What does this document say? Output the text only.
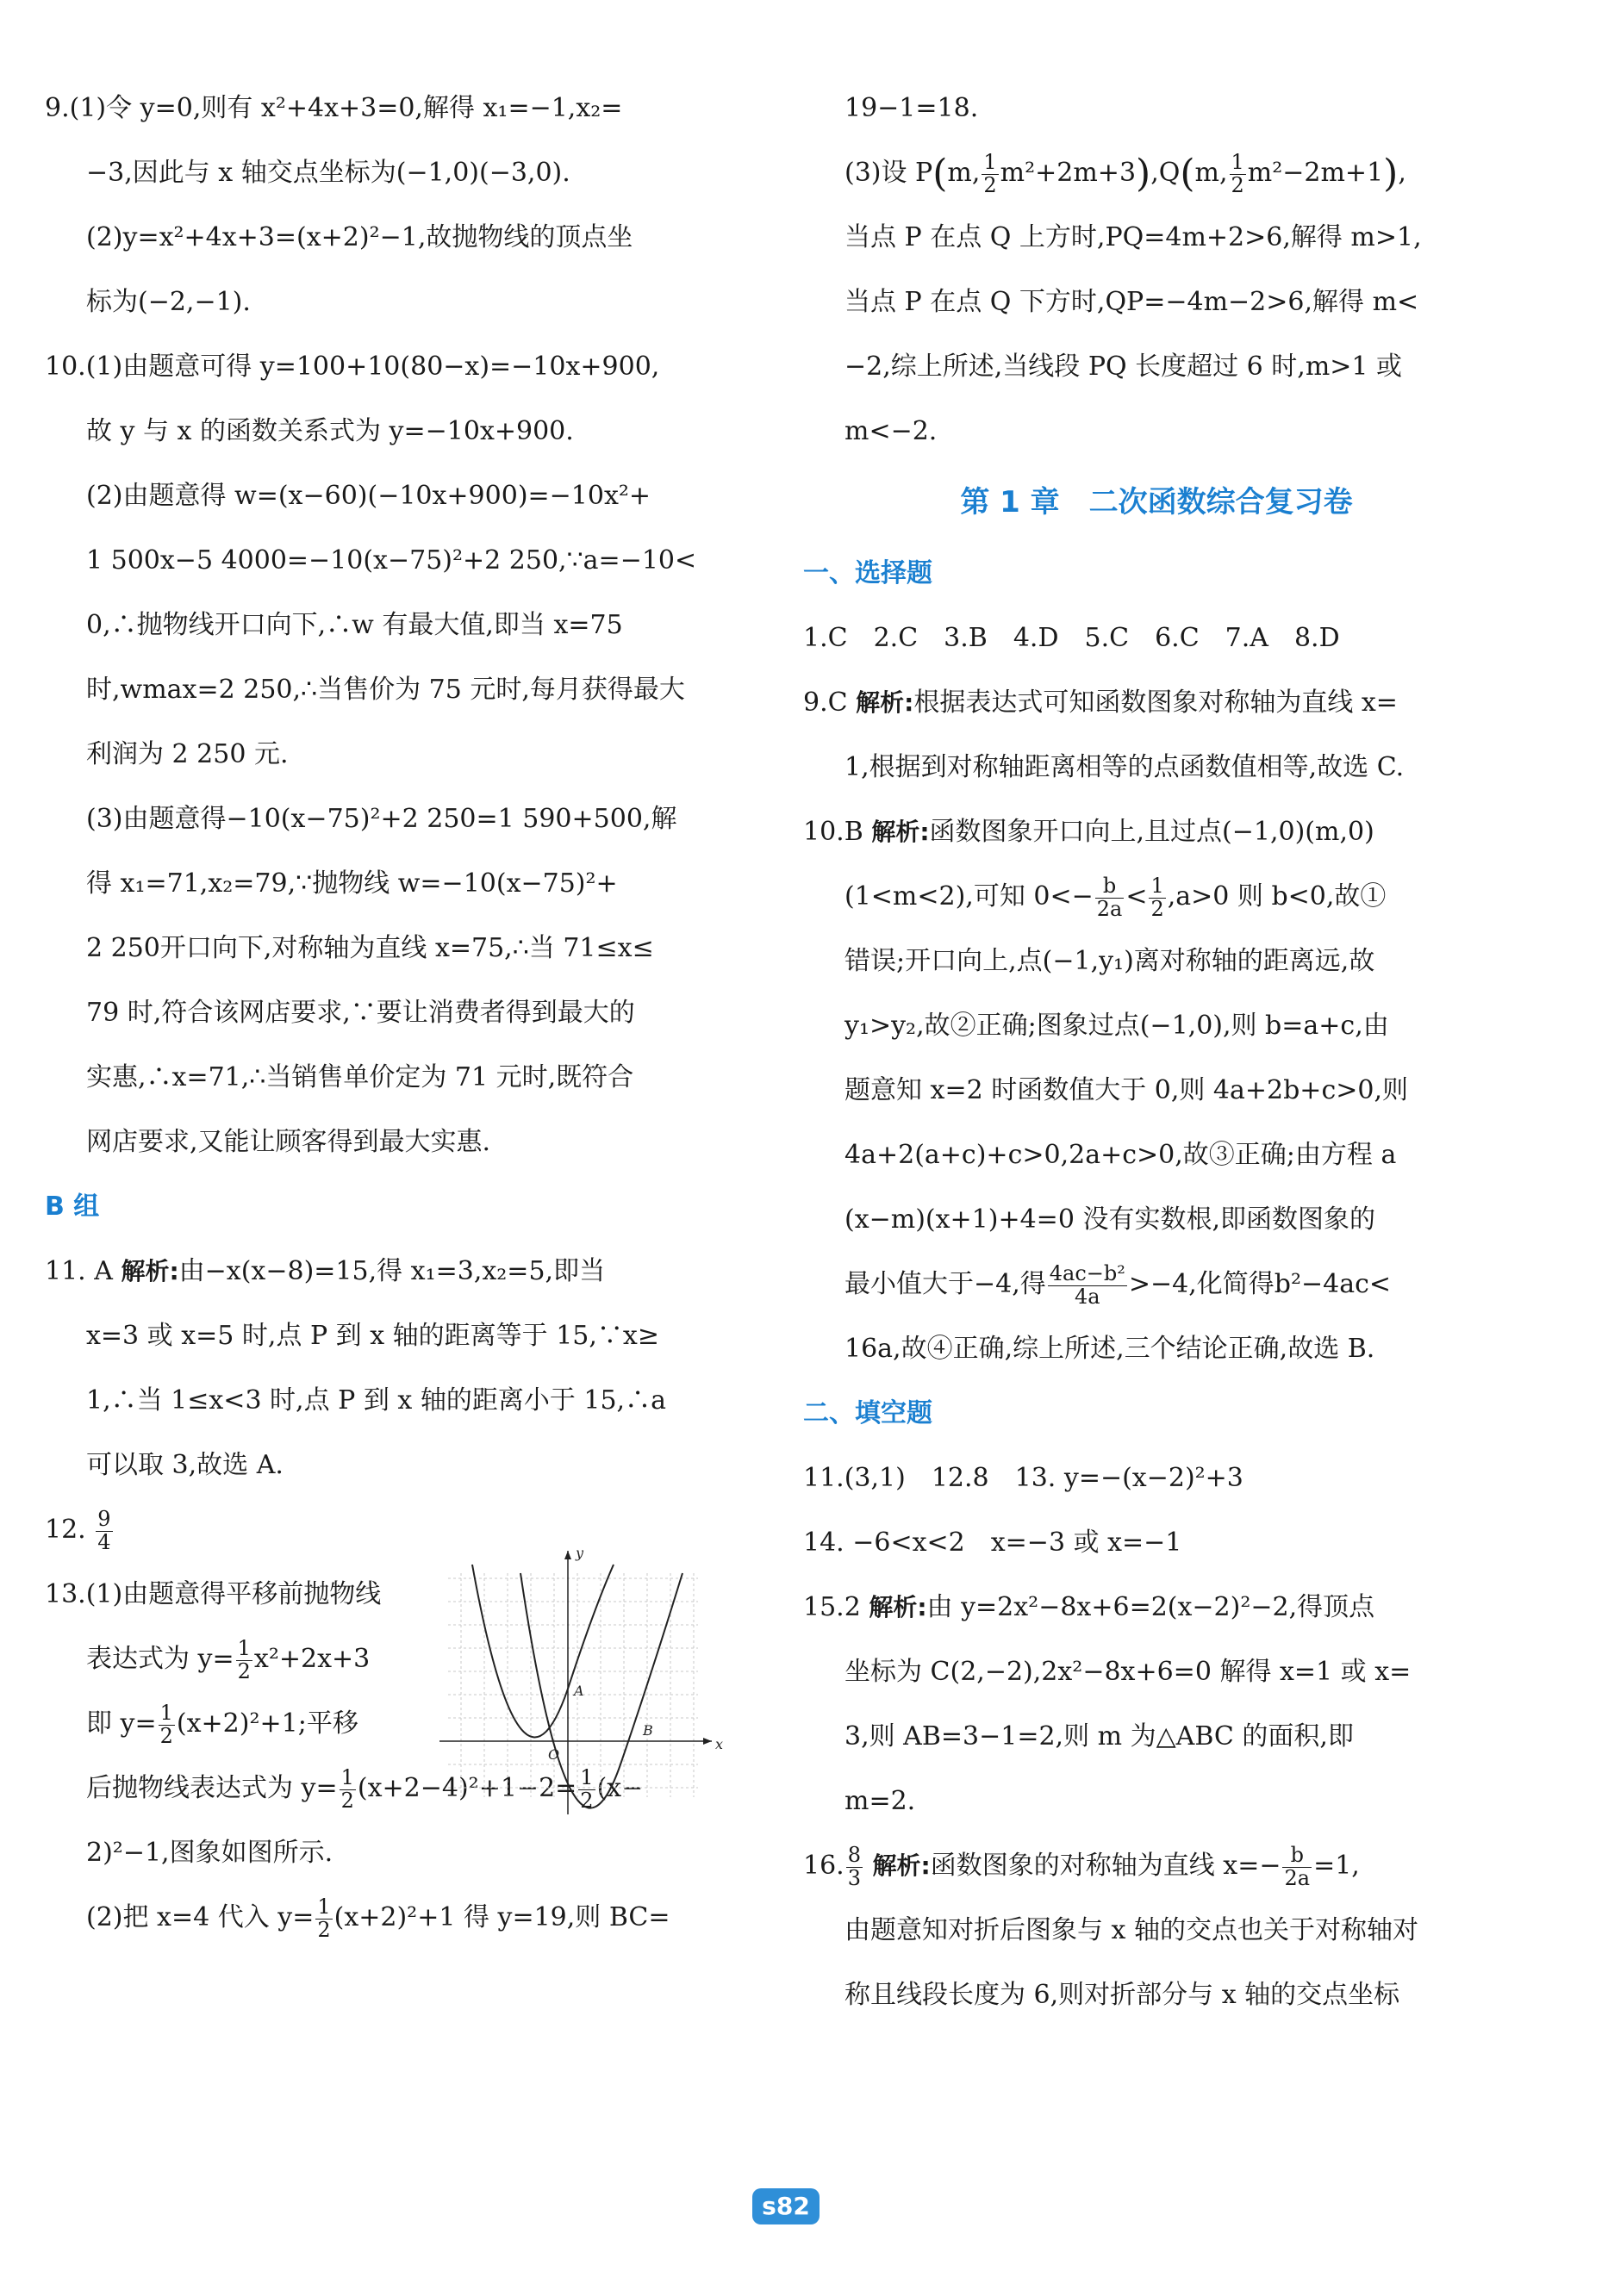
9.(1)令 y=0,则有 x²+4x+3=0,解得 x₁=−1,x₂=
−3,因此与 x 轴交点坐标为(−1,0)(−3,0).
(2)y=x²+4x+3=(x+2)²−1,故抛物线的顶点坐
标为(−2,−1).
10.(1)由题意可得 y=100+10(80−x)=−10x+900,
故 y 与 x 的函数关系式为 y=−10x+900.
(2)由题意得 w=(x−60)(−10x+900)=−10x²+
1 500x−5 4000=−10(x−75)²+2 250,∵a=−10<
0,∴抛物线开口向下,∴w 有最大值,即当 x=75
时,wmax=2 250,∴当售价为 75 元时,每月获得最大
利润为 2 250 元.
(3)由题意得−10(x−75)²+2 250=1 590+500,解
得 x₁=71,x₂=79,∵抛物线 w=−10(x−75)²+
2 250开口向下,对称轴为直线 x=75,∴当 71≤x≤
79 时,符合该网店要求,∵要让消费者得到最大的
实惠,∴x=71,∴当销售单价定为 71 元时,既符合
网店要求,又能让顾客得到最大实惠.
B 组
11. A 解析:由−x(x−8)=15,得 x₁=3,x₂=5,即当
x=3 或 x=5 时,点 P 到 x 轴的距离等于 15,∵x≥
1,∴当 1≤x<3 时,点 P 到 x 轴的距离小于 15,∴a
可以取 3,故选 A.
12. $\frac{9}{4}$
13.(1)由题意得平移前抛物线
表达式为 $y= \frac{1}{2} x^2+2x+3$
即 $y= \frac{1}{2} (x+2)^2+1$;平移
后抛物线表达式为 $y= \frac{1}{2} (x+2-4)^2+1-2= \frac{1}{2} (x-$
2)²−1,图象如图所示.
(2)把 x=4 代入 $y= \frac{1}{2} (x+2)^2+1$ 得 y=19,则 BC=
y
x
O
A
B
19−1=18.
(3)设 P(m, $\frac{1}{2} m^2+2m+3),Q(m$, $\frac{1}{2} m^2-2m+1$),
当点 P 在点 Q 上方时,PQ=4m+2>6,解得 m>1,
当点 P 在点 Q 下方时,QP=−4m−2>6,解得 m<
−2,综上所述,当线段 PQ 长度超过 6 时,m>1 或
m<−2.
第 1 章　二次函数综合复习卷
一、选择题
1.C　2.C　3.B　4.D　5.C　6.C　7.A　8.D
9.C 解析:根据表达式可知函数图象对称轴为直线 x=
1,根据到对称轴距离相等的点函数值相等,故选 C.
10.B 解析:函数图象开口向上,且过点(−1,0)(m,0)
(1<m<2),可知 $0<- \frac{b}{2a} < \frac{1}{2} ,a>0$ 则 b<0,故①
错误;开口向上,点(−1,y₁)离对称轴的距离远,故
y₁>y₂,故②正确;图象过点(−1,0),则 b=a+c,由
题意知 x=2 时函数值大于 0,则 4a+2b+c>0,则
4a+2(a+c)+c>0,2a+c>0,故③正确;由方程 a
(x−m)(x+1)+4=0 没有实数根,即函数图象的
最小值大于−4,得 $\frac{\text{4ac−b²}}{4a} >-4$,化简得b²−4ac<
16a,故④正确,综上所述,三个结论正确,故选 B.
二、填空题
11.(3,1)　12.8　13. y=−(x−2)²+3
14. −6<x<2　x=−3 或 x=−1
15.2 解析:由 y=2x²−8x+6=2(x−2)²−2,得顶点
坐标为 C(2,−2),2x²−8x+6=0 解得 x=1 或 x=
3,则 AB=3−1=2,则 m 为△ABC 的面积,即
m=2.
16. $\frac{8}{3}$ 解析:函数图象的对称轴为直线 $x=- \frac{b}{2a} =1$,
由题意知对折后图象与 x 轴的交点也关于对称轴对
称且线段长度为 6,则对折部分与 x 轴的交点坐标
s82
